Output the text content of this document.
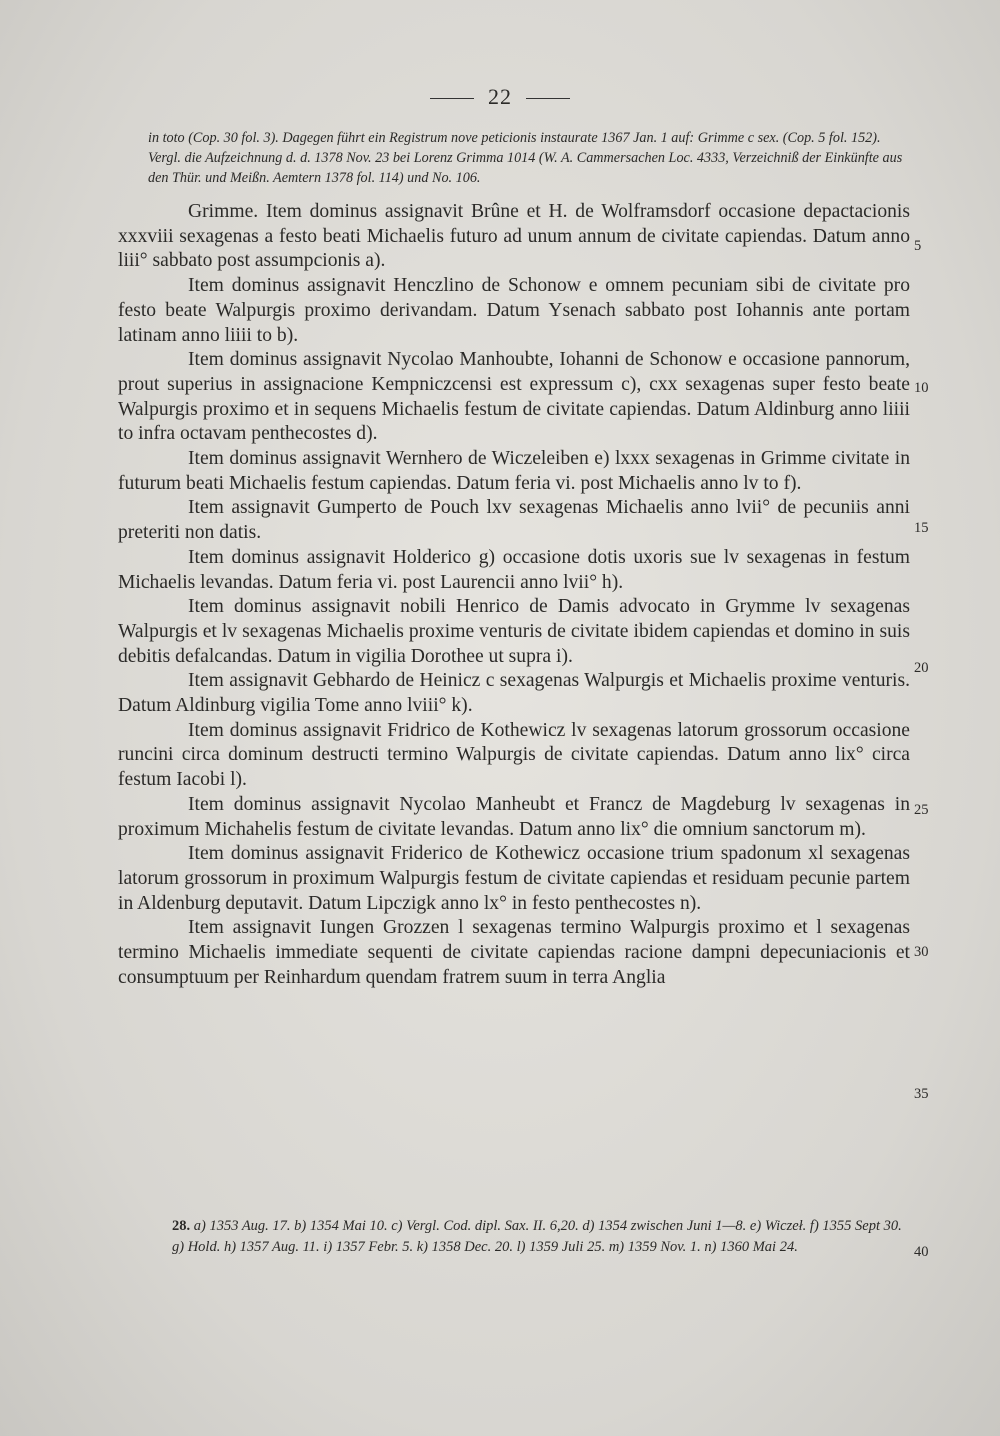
22
in toto (Cop. 30 fol. 3). Dagegen führt ein Registrum nove peticionis instaurate 1367 Jan. 1 auf: Grimme c sex. (Cop. 5 fol. 152). Vergl. die Aufzeichnung d. d. 1378 Nov. 23 bei Lorenz Grimma 1014 (W. A. Cammersachen Loc. 4333, Verzeichniß der Einkünfte aus den Thür. und Meißn. Aemtern 1378 fol. 114) und No. 106.

Grimme. Item dominus assignavit Brûne et H. de Wolframsdorf occasione depactacionis xxxviii sexagenas a festo beati Michaelis futuro ad unum annum de civitate capiendas. Datum anno liii° sabbato post assumpcionis a).

Item dominus assignavit Henczlino de Schonow e omnem pecuniam sibi de civitate pro festo beate Walpurgis proximo derivandam. Datum Ysenach sabbato post Iohannis ante portam latinam anno liiii to b).

Item dominus assignavit Nycolao Manhoubte, Iohanni de Schonow e occasione pannorum, prout superius in assignacione Kempniczcensi est expressum c), cxx sexagenas super festo beate Walpurgis proximo et in sequens Michaelis festum de civitate capiendas. Datum Aldinburg anno liiii to infra octavam penthecostes d).

Item dominus assignavit Wernhero de Wiczeleiben e) lxxx sexagenas in Grimme civitate in futurum beati Michaelis festum capiendas. Datum feria vi. post Michaelis anno lv to f).

Item assignavit Gumperto de Pouch lxv sexagenas Michaelis anno lvii° de pecuniis anni preteriti non datis.

Item dominus assignavit Holderico g) occasione dotis uxoris sue lv sexagenas in festum Michaelis levandas. Datum feria vi. post Laurencii anno lvii° h).

Item dominus assignavit nobili Henrico de Damis advocato in Grymme lv sexagenas Walpurgis et lv sexagenas Michaelis proxime venturis de civitate ibidem capiendas et domino in suis debitis defalcandas. Datum in vigilia Dorothee ut supra i).

Item assignavit Gebhardo de Heinicz c sexagenas Walpurgis et Michaelis proxime venturis. Datum Aldinburg vigilia Tome anno lviii° k).

Item dominus assignavit Fridrico de Kothewicz lv sexagenas latorum grossorum occasione runcini circa dominum destructi termino Walpurgis de civitate capiendas. Datum anno lix° circa festum Iacobi l).

Item dominus assignavit Nycolao Manheubt et Francz de Magdeburg lv sexagenas in proximum Michahelis festum de civitate levandas. Datum anno lix° die omnium sanctorum m).

Item dominus assignavit Friderico de Kothewicz occasione trium spadonum xl sexagenas latorum grossorum in proximum Walpurgis festum de civitate capiendas et residuam pecunie partem in Aldenburg deputavit. Datum Lipczigk anno lx° in festo penthecostes n).

Item assignavit Iungen Grozzen l sexagenas termino Walpurgis proximo et l sexagenas termino Michaelis immediate sequenti de civitate capiendas racione dampni depecuniacionis et consumptuum per Reinhardum quendam fratrem suum in terra Anglia

5
10
15
20
25
30
35
40
28. a) 1353 Aug. 17. b) 1354 Mai 10. c) Vergl. Cod. dipl. Sax. II. 6,20. d) 1354 zwischen Juni 1—8. e) Wiczeł. f) 1355 Sept 30. g) Hold. h) 1357 Aug. 11. i) 1357 Febr. 5. k) 1358 Dec. 20. l) 1359 Juli 25. m) 1359 Nov. 1. n) 1360 Mai 24.
